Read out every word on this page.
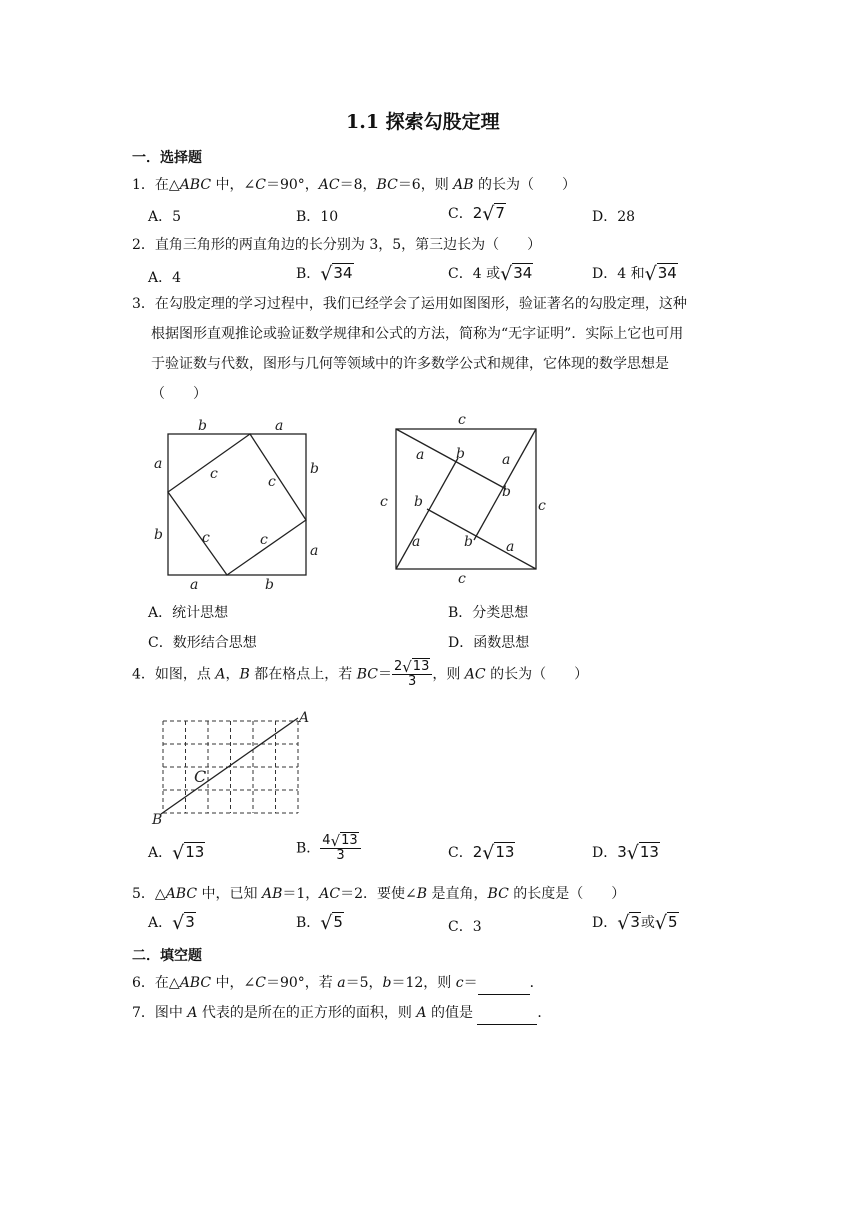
1.1 探索勾股定理
一．选择题
1．在△ABC 中，∠C＝90°，AC＝8，BC＝6，则 AB 的长为（　　）
A．5	B．10	C．2√7	D．28
2．直角三角形的两直角边的长分别为 3，5，第三边长为（　　）
A．4	B．√34	C．4 或√34	D．4 和√34
3．在勾股定理的学习过程中，我们已经学会了运用如图图形，验证著名的勾股定理，这种
根据图形直观推论或验证数学规律和公式的方法，简称为“无字证明”．实际上它也可用
于验证数与代数，图形与几何等领域中的许多数学公式和规律，它体现的数学思想是
（　　）
b	a
a
b
b
a
a	b
c	c
c	c
c
c	c
c
a b	a
b
b
a	b a
A．统计思想	B．分类思想
C．数形结合思想	D．函数思想
4．如图，点 A，B 都在格点上，若 $BC= \frac{2√13}{3}$ ，则 AC 的长为（　　）
A
B
C
A．√13	B． $\frac{4√13}{3}$	C．2√13	D．3√13
5．△ABC 中，已知 AB＝1，AC＝2．要使∠B 是直角，BC 的长度是（　　）
A．√3	B．√5	C．3	D．√3或√5
二．填空题
6．在△ABC 中，∠C＝90°，若 a＝5，b＝12，则 c＝	．
7．图中 A 代表的是所在的正方形的面积，则 A 的值是	．
